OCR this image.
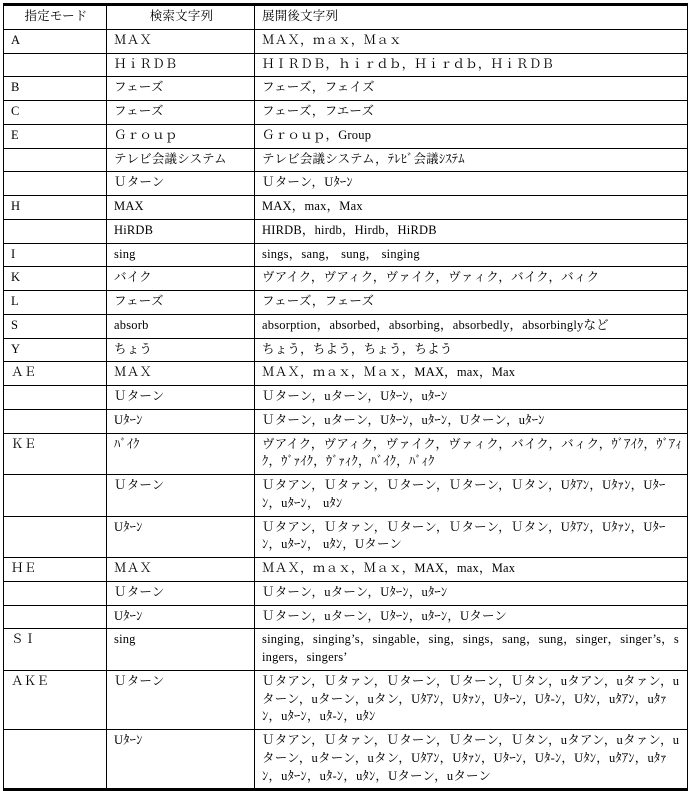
指定モード	検索文字列	展開後文字列
A	ＭＡＸ	ＭＡＸ，ｍａｘ，Ｍａｘ
	ＨｉＲＤＢ	ＨＩＲＤＢ，ｈｉｒｄｂ，Ｈｉｒｄｂ，ＨｉＲＤＢ
B	フェーズ	フェーズ，フェイズ
C	フェーズ	フェーズ，フエーズ
E	Ｇｒｏｕｐ	Ｇｒｏｕｐ，Group
	テレビ会議システム	テレビ会議システム，ﾃﾚﾋﾞ会議ｼｽﾃﾑ
	Ｕターン	Ｕターン，Uﾀｰﾝ
H	MAX	MAX，max，Max
	HiRDB	HIRDB，hirdb，Hirdb，HiRDB
I	sing	sings，sang， sung， singing
K	バイク	ヴアイク，ヴアィク，ヴァイク，ヴァィク，バイク，バィク
L	フェーズ	フェーズ，フェーズ
S	absorb	absorption，absorbed，absorbing，absorbedly，absorbinglyなど
Y	ちょう	ちょう，ちよう，ちょう，ちよう
ＡＥ	ＭＡＸ	ＭＡＸ，ｍａｘ，Ｍａｘ，MAX，max，Max
	Ｕターン	Ｕターン，uターン，Uﾀｰﾝ，uﾀｰﾝ
	Uﾀｰﾝ	Ｕターン，uターン，Uﾀｰﾝ，uﾀｰﾝ，Uターン，uﾀｰﾝ
ＫＥ	ﾊﾞｲｸ	ヴアイク，ヴアィク，ヴァイク，ヴァィク，バイク，バィク，ｳﾞｱｲｸ，ｳﾞｱｨｸ，ｳﾞｧｲｸ，ｳﾞｧｨｸ，ﾊﾞｲｸ，ﾊﾞｨｸ
	Ｕターン	Ｕタアン，Ｕタァン，Ｕターン，Ｕターン，Ｕタン，Uﾀｱﾝ，Uﾀｧﾝ，Uﾀｰﾝ，uﾀｰﾝ， uﾀﾝ
	Uﾀｰﾝ	Ｕタアン，Ｕタァン，Ｕターン，Ｕターン，Ｕタン，Uﾀｱﾝ，Uﾀｧﾝ，Uﾀｰﾝ，uﾀｰﾝ， uﾀﾝ，Uターン
ＨＥ	ＭＡＸ	ＭＡＸ，ｍａｘ，Ｍａｘ，MAX，max，Max
	Ｕターン	Ｕターン，uターン，Uﾀｰﾝ，uﾀｰﾝ
	Uﾀｰﾝ	Ｕターン，uターン，Uﾀｰﾝ，uﾀｰﾝ，Uターン
ＳＩ	sing	singing，singing’s，singable，sing，sings，sang，sung，singer，singer’s，singers，singers’
ＡＫＥ	Ｕターン	Ｕタアン，Ｕタァン，Ｕターン，Ｕターン，Ｕタン，uタアン，uタァン，uターン，uターン，uタン，Uﾀｱﾝ，Uﾀｧﾝ，Uﾀｰﾝ，Uﾀ-ﾝ，Uﾀﾝ，uﾀｱﾝ，uﾀｧﾝ，uﾀｰﾝ，uﾀ-ﾝ，uﾀﾝ
	Uﾀｰﾝ	Ｕタアン，Ｕタァン，Ｕターン，Ｕターン，Ｕタン，uタアン，uタァン，uターン，uターン，uタン，Uﾀｱﾝ，Uﾀｧﾝ，Uﾀｰﾝ，Uﾀ-ﾝ，Uﾀﾝ，uﾀｱﾝ，uﾀｧﾝ，uﾀｰﾝ，uﾀ-ﾝ，uﾀﾝ，Uターン，uターン
